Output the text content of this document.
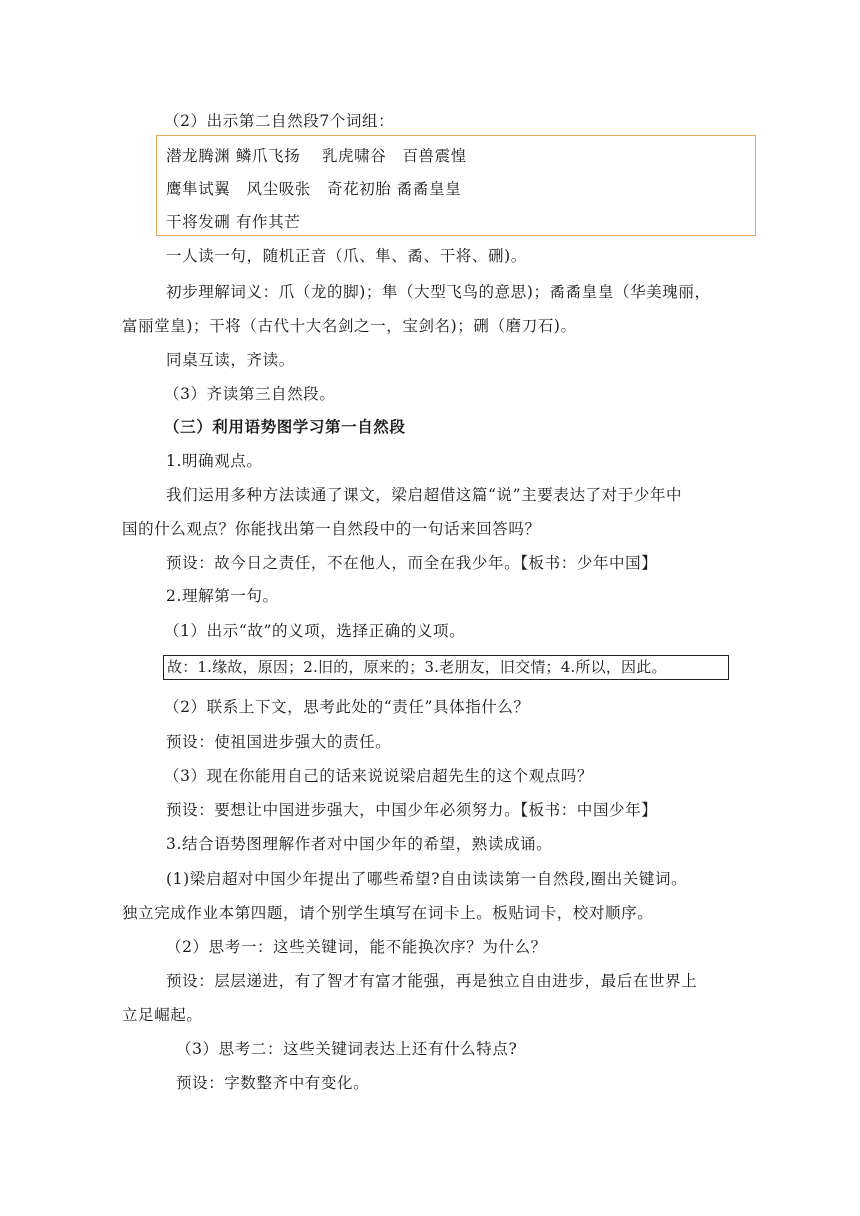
（2）出示第二自然段7个词组：
潜龙腾渊 鳞爪飞扬　 乳虎啸谷　百兽震惶
鹰隼试翼　风尘吸张　奇花初胎 矞矞皇皇
干将发硎 有作其芒
一人读一句，随机正音（爪、隼、矞、干将、硎)。
初步理解词义：爪（龙的脚)；隼（大型飞鸟的意思)；矞矞皇皇（华美瑰丽，
富丽堂皇)；干将（古代十大名剑之一，宝剑名)；硎（磨刀石)。
同桌互读，齐读。
（3）齐读第三自然段。
（三）利用语势图学习第一自然段
1.明确观点。
我们运用多种方法读通了课文，梁启超借这篇“说”主要表达了对于少年中
国的什么观点？你能找出第一自然段中的一句话来回答吗？
预设：故今日之责任，不在他人，而全在我少年。【板书：少年中国】
2.理解第一句。
（1）出示“故”的义项，选择正确的义项。
故：1.缘故，原因；2.旧的，原来的；3.老朋友，旧交情；4.所以，因此。
（2）联系上下文，思考此处的“责任”具体指什么？
预设：使祖国进步强大的责任。
（3）现在你能用自己的话来说说梁启超先生的这个观点吗？
预设：要想让中国进步强大，中国少年必须努力。【板书：中国少年】
3.结合语势图理解作者对中国少年的希望，熟读成诵。
(1)梁启超对中国少年提出了哪些希望?自由读读第一自然段,圈出关键词。
独立完成作业本第四题，请个别学生填写在词卡上。板贴词卡，校对顺序。
（2）思考一：这些关键词，能不能换次序？为什么？
预设：层层递进，有了智才有富才能强，再是独立自由进步，最后在世界上
立足崛起。
（3）思考二：这些关键词表达上还有什么特点?
预设：字数整齐中有变化。
